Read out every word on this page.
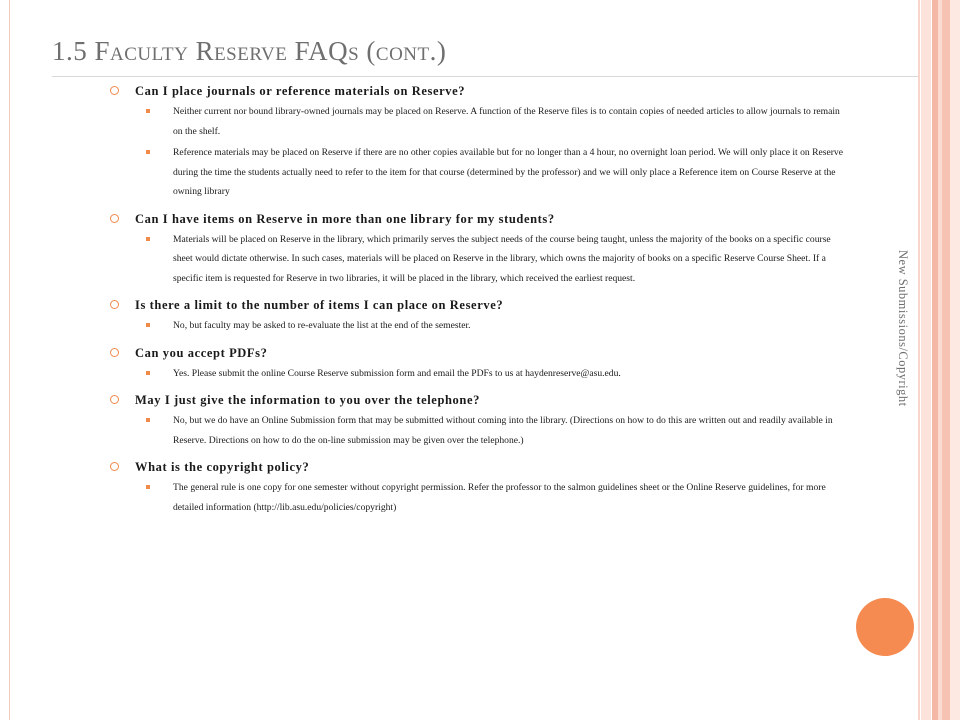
1.5 Faculty Reserve FAQs (cont.)
Can I place journals or reference materials on Reserve?
Neither current nor bound library-owned journals may be placed on Reserve. A function of the Reserve files is to contain copies of needed articles to allow journals to remain on the shelf.
Reference materials may be placed on Reserve if there are no other copies available but for no longer than a 4 hour, no overnight loan period. We will only place it on Reserve during the time the students actually need to refer to the item for that course (determined by the professor) and we will only place a Reference item on Course Reserve at the owning library
Can I have items on Reserve in more than one library for my students?
Materials will be placed on Reserve in the library, which primarily serves the subject needs of the course being taught, unless the majority of the books on a specific course sheet would dictate otherwise. In such cases, materials will be placed on Reserve in the library, which owns the majority of books on a specific Reserve Course Sheet. If a specific item is requested for Reserve in two libraries, it will be placed in the library, which received the earliest request.
Is there a limit to the number of items I can place on Reserve?
No, but faculty may be asked to re-evaluate the list at the end of the semester.
Can you accept PDFs?
Yes. Please submit the online Course Reserve submission form and email the PDFs to us at haydenreserve@asu.edu.
May I just give the information to you over the telephone?
No, but we do have an Online Submission form that may be submitted without coming into the library. (Directions on how to do this are written out and readily available in Reserve. Directions on how to do the on-line submission may be given over the telephone.)
What is the copyright policy?
The general rule is one copy for one semester without copyright permission. Refer the professor to the salmon guidelines sheet or the Online Reserve guidelines, for more detailed information (http://lib.asu.edu/policies/copyright)
New Submissions/Copyright
